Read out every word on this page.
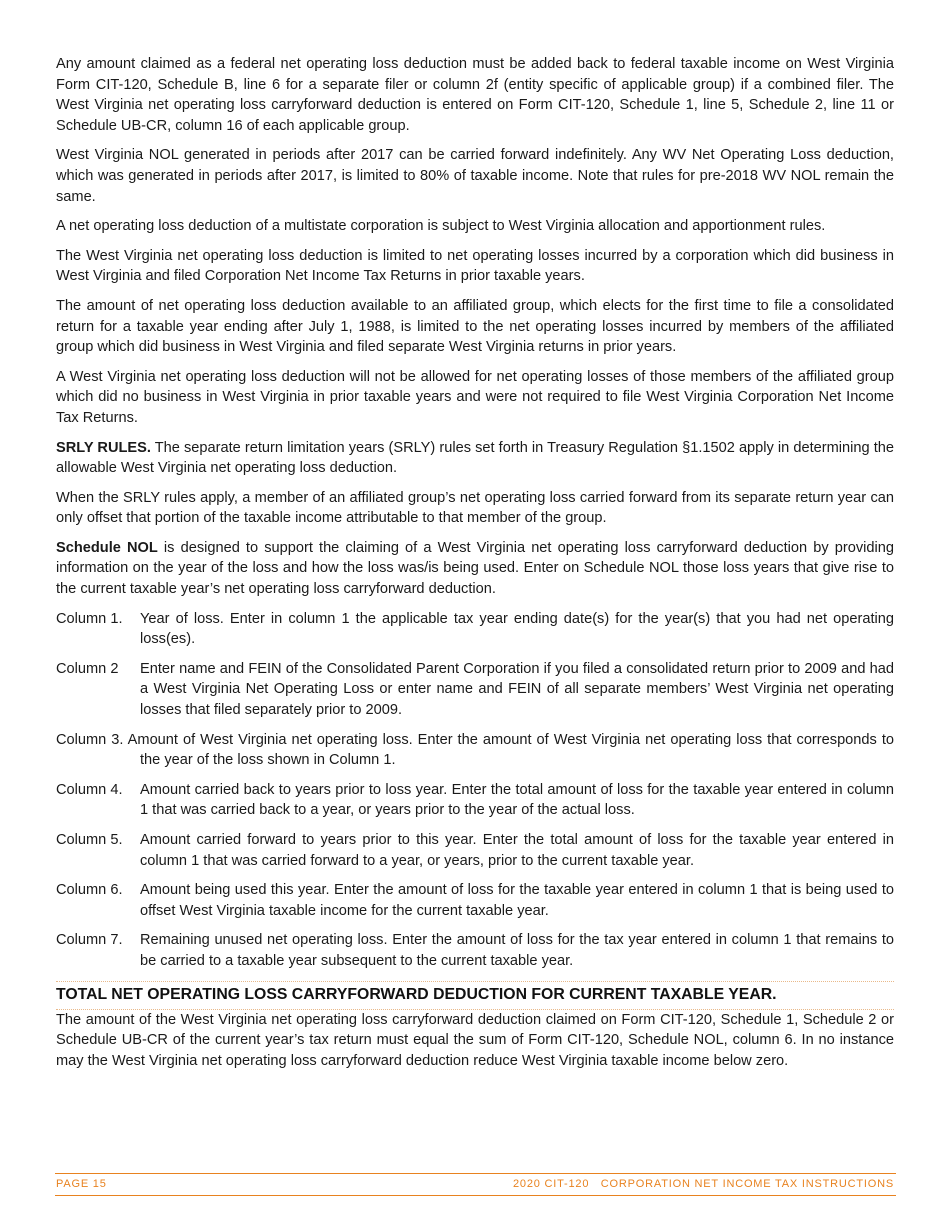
Any amount claimed as a federal net operating loss deduction must be added back to federal taxable income on West Virginia Form CIT-120, Schedule B, line 6 for a separate filer or column 2f (entity specific of applicable group) if a combined filer. The West Virginia net operating loss carryforward deduction is entered on Form CIT-120, Schedule 1, line 5, Schedule 2, line 11 or Schedule UB-CR, column 16 of each applicable group.

West Virginia NOL generated in periods after 2017 can be carried forward indefinitely. Any WV Net Operating Loss deduction, which was generated in periods after 2017, is limited to 80% of taxable income. Note that rules for pre-2018 WV NOL remain the same.

A net operating loss deduction of a multistate corporation is subject to West Virginia allocation and apportionment rules.

The West Virginia net operating loss deduction is limited to net operating losses incurred by a corporation which did business in West Virginia and filed Corporation Net Income Tax Returns in prior taxable years.

The amount of net operating loss deduction available to an affiliated group, which elects for the first time to file a consolidated return for a taxable year ending after July 1, 1988, is limited to the net operating losses incurred by members of the affiliated group which did business in West Virginia and filed separate West Virginia returns in prior years.

A West Virginia net operating loss deduction will not be allowed for net operating losses of those members of the affiliated group which did no business in West Virginia in prior taxable years and were not required to file West Virginia Corporation Net Income Tax Returns.

SRLY RULES. The separate return limitation years (SRLY) rules set forth in Treasury Regulation §1.1502 apply in determining the allowable West Virginia net operating loss deduction.

When the SRLY rules apply, a member of an affiliated group’s net operating loss carried forward from its separate return year can only offset that portion of the taxable income attributable to that member of the group.

Schedule NOL is designed to support the claiming of a West Virginia net operating loss carryforward deduction by providing information on the year of the loss and how the loss was/is being used. Enter on Schedule NOL those loss years that give rise to the current taxable year’s net operating loss carryforward deduction.

Column 1. Year of loss. Enter in column 1 the applicable tax year ending date(s) for the year(s) that you had net operating loss(es).
Column 2 Enter name and FEIN of the Consolidated Parent Corporation if you filed a consolidated return prior to 2009 and had a West Virginia Net Operating Loss or enter name and FEIN of all separate members’ West Virginia net operating losses that filed separately prior to 2009.
Column 3. Amount of West Virginia net operating loss. Enter the amount of West Virginia net operating loss that corresponds to the year of the loss shown in Column 1.
Column 4. Amount carried back to years prior to loss year. Enter the total amount of loss for the taxable year entered in column 1 that was carried back to a year, or years prior to the year of the actual loss.
Column 5. Amount carried forward to years prior to this year. Enter the total amount of loss for the taxable year entered in column 1 that was carried forward to a year, or years, prior to the current taxable year.
Column 6. Amount being used this year. Enter the amount of loss for the taxable year entered in column 1 that is being used to offset West Virginia taxable income for the current taxable year.
Column 7. Remaining unused net operating loss. Enter the amount of loss for the tax year entered in column 1 that remains to be carried to a taxable year subsequent to the current taxable year.
TOTAL NET OPERATING LOSS CARRYFORWARD DEDUCTION FOR CURRENT TAXABLE YEAR.

The amount of the West Virginia net operating loss carryforward deduction claimed on Form CIT-120, Schedule 1, Schedule 2 or Schedule UB-CR of the current year’s tax return must equal the sum of Form CIT-120, Schedule NOL, column 6. In no instance may the West Virginia net operating loss carryforward deduction reduce West Virginia taxable income below zero.

PAGE 15	2020 CIT-120   CORPORATION NET INCOME TAX INSTRUCTIONS
